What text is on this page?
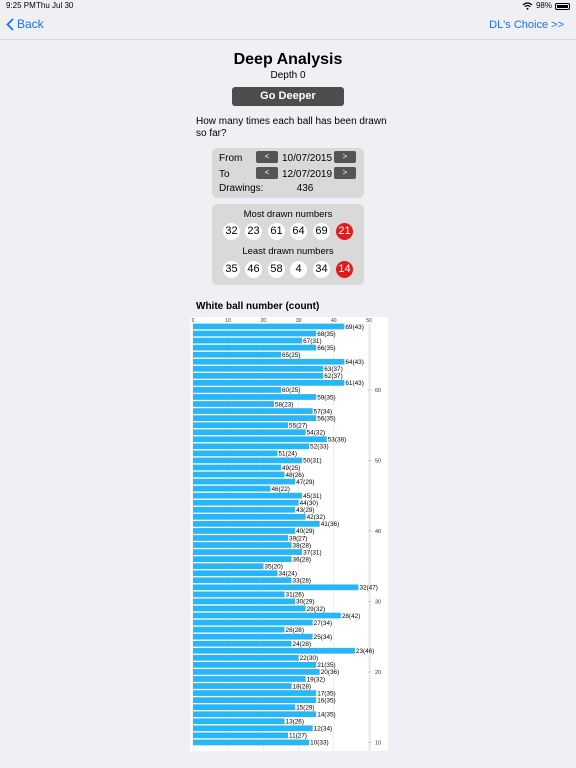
9:25 PM Thu Jul 30	98%
Back	DL's Choice >>
Deep Analysis
Depth 0
Go Deeper
How many times each ball has been drawn so far?
From	<	10/07/2015	>
To	<	12/07/2019	>
Drawings:	436
Most drawn numbers
32 23 61 64 69 21
Least drawn numbers
35 46 58	4	34 14
White ball number (count)
0	10	20	30	40	50
60
50
40
30
20
10
69(43)
68(35)
67(31)
66(35)
65(25)
64(43)
63(37)
62(37)
61(43)
60(25)
59(35)
58(23)
57(34)
56(35)
55(27)
54(32)
53(38)
52(33)
51(24)
50(31)
49(25)
48(26)
47(29)
46(22)
45(31)
44(30)
43(29)
42(32)
41(36)
40(29)
39(27)
38(28)
37(31)
36(28)
35(20)
34(24)
33(28)
32(47)
31(26)
30(29)
29(32)
28(42)
27(34)
26(28)
25(34)
24(28)
23(46)
22(30)
21(35)
20(36)
19(32)
18(28)
17(35)
16(35)
15(29)
14(35)
13(26)
12(34)
11(27)
10(33)
